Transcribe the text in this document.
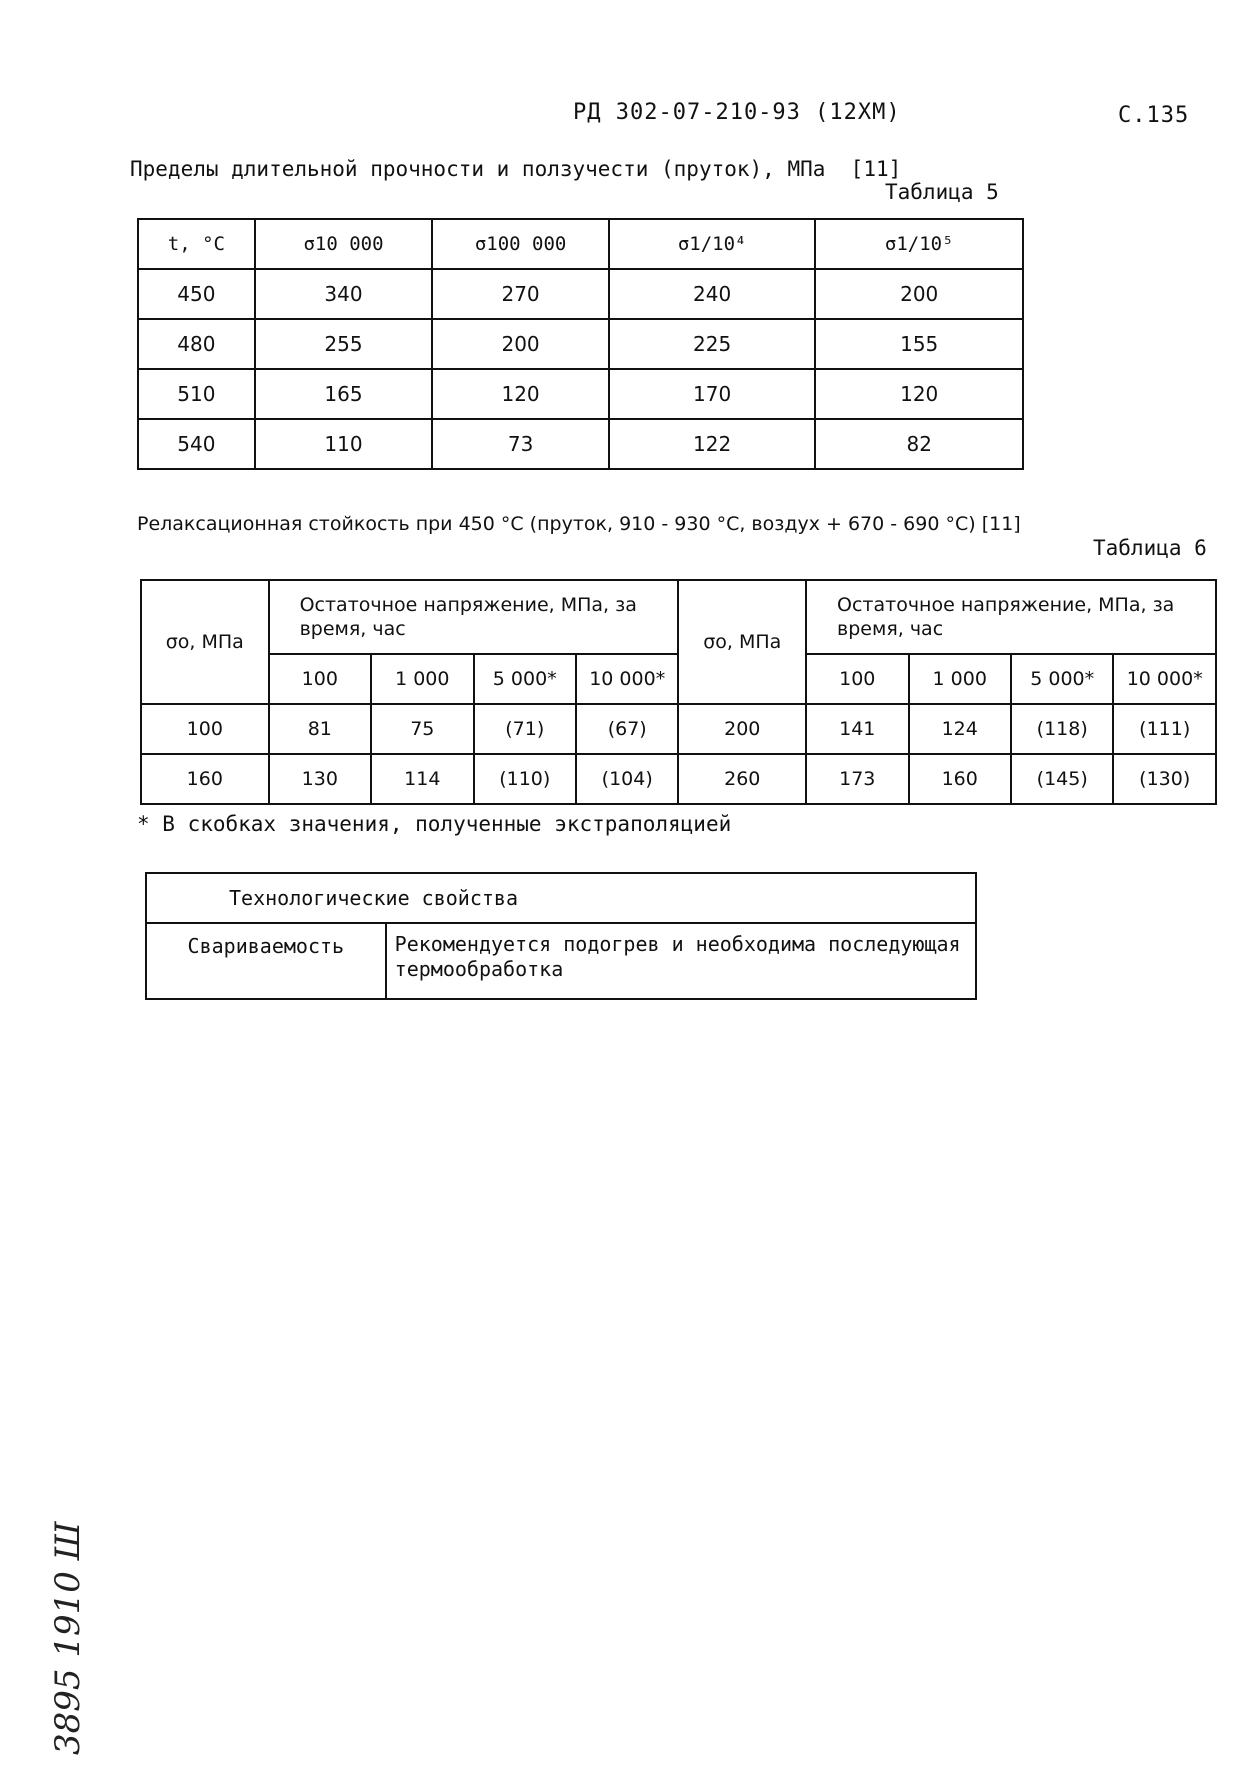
РД 302-07-210-93 (12ХМ)	С.135
Пределы длительной прочности и ползучести (пруток), МПа [11]
Таблица 5
t, °С	σ10 000	σ100 000	σ1/10⁴	σ1/10⁵
450	340	270	240	200
480	255	200	225	155
510	165	120	170	120
540	110	73	122	82
Релаксационная стойкость при 450 °С (пруток, 910 - 930 °С, воздух + 670 - 690 °С) [11]
Таблица 6
σо, МПа	Остаточное напряжение, МПа, за время, час				σо, МПа	Остаточное напряжение, МПа, за время, час			
	100	1 000	5 000*	10 000*		100	1 000	5 000*	10 000*
100	81	75	(71)	(67)	200	141	124	(118)	(111)
160	130	114	(110)	(104)	260	173	160	(145)	(130)
* В скобках значения, полученные экстраполяцией
Технологические свойства
Свариваемость	Рекомендуется подогрев и необходима последующая термообработка
3895 1910 Ш
